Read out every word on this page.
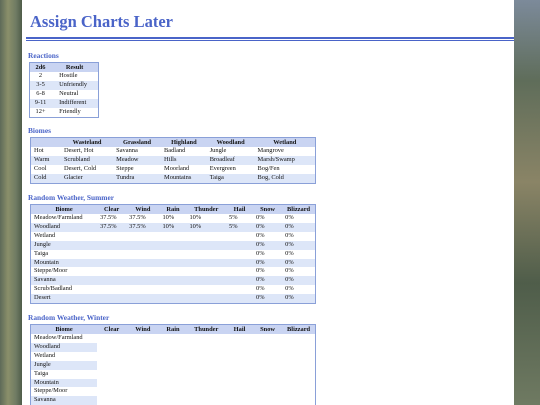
Assign Charts Later
Reactions
2d6	Result
2	Hostile
3-5	Unfriendly
6-8	Neutral
9-11	Indifferent
12+	Friendly
Biomes
	Wasteland	Grassland	Highland	Woodland	Wetland
Hot	Desert, Hot	Savanna	Badland	Jungle	Mangrove
Warm	Scrubland	Meadow	Hills	Broadleaf	Marsh/Swamp
Cool	Desert, Cold	Steppe	Moorland	Evergreen	Bog/Fen
Cold	Glacier	Tundra	Mountains	Taiga	Bog, Cold
Random Weather, Summer
Biome	Clear	Wind	Rain	Thunder	Hail	Snow	Blizzard
Meadow/Farmland	37.5%	37.5%	10%	10%	5%	0%	0%
Woodland	37.5%	37.5%	10%	10%	5%	0%	0%
Wetland						0%	0%
Jungle						0%	0%
Taiga						0%	0%
Mountain						0%	0%
Steppe/Moor						0%	0%
Savanna						0%	0%
Scrub/Badland						0%	0%
Desert						0%	0%
Random Weather, Winter
Biome	Clear	Wind	Rain	Thunder	Hail	Snow	Blizzard
Meadow/Farmland							
Woodland							
Wetland							
Jungle							
Taiga							
Mountain							
Steppe/Moor							
Savanna							
